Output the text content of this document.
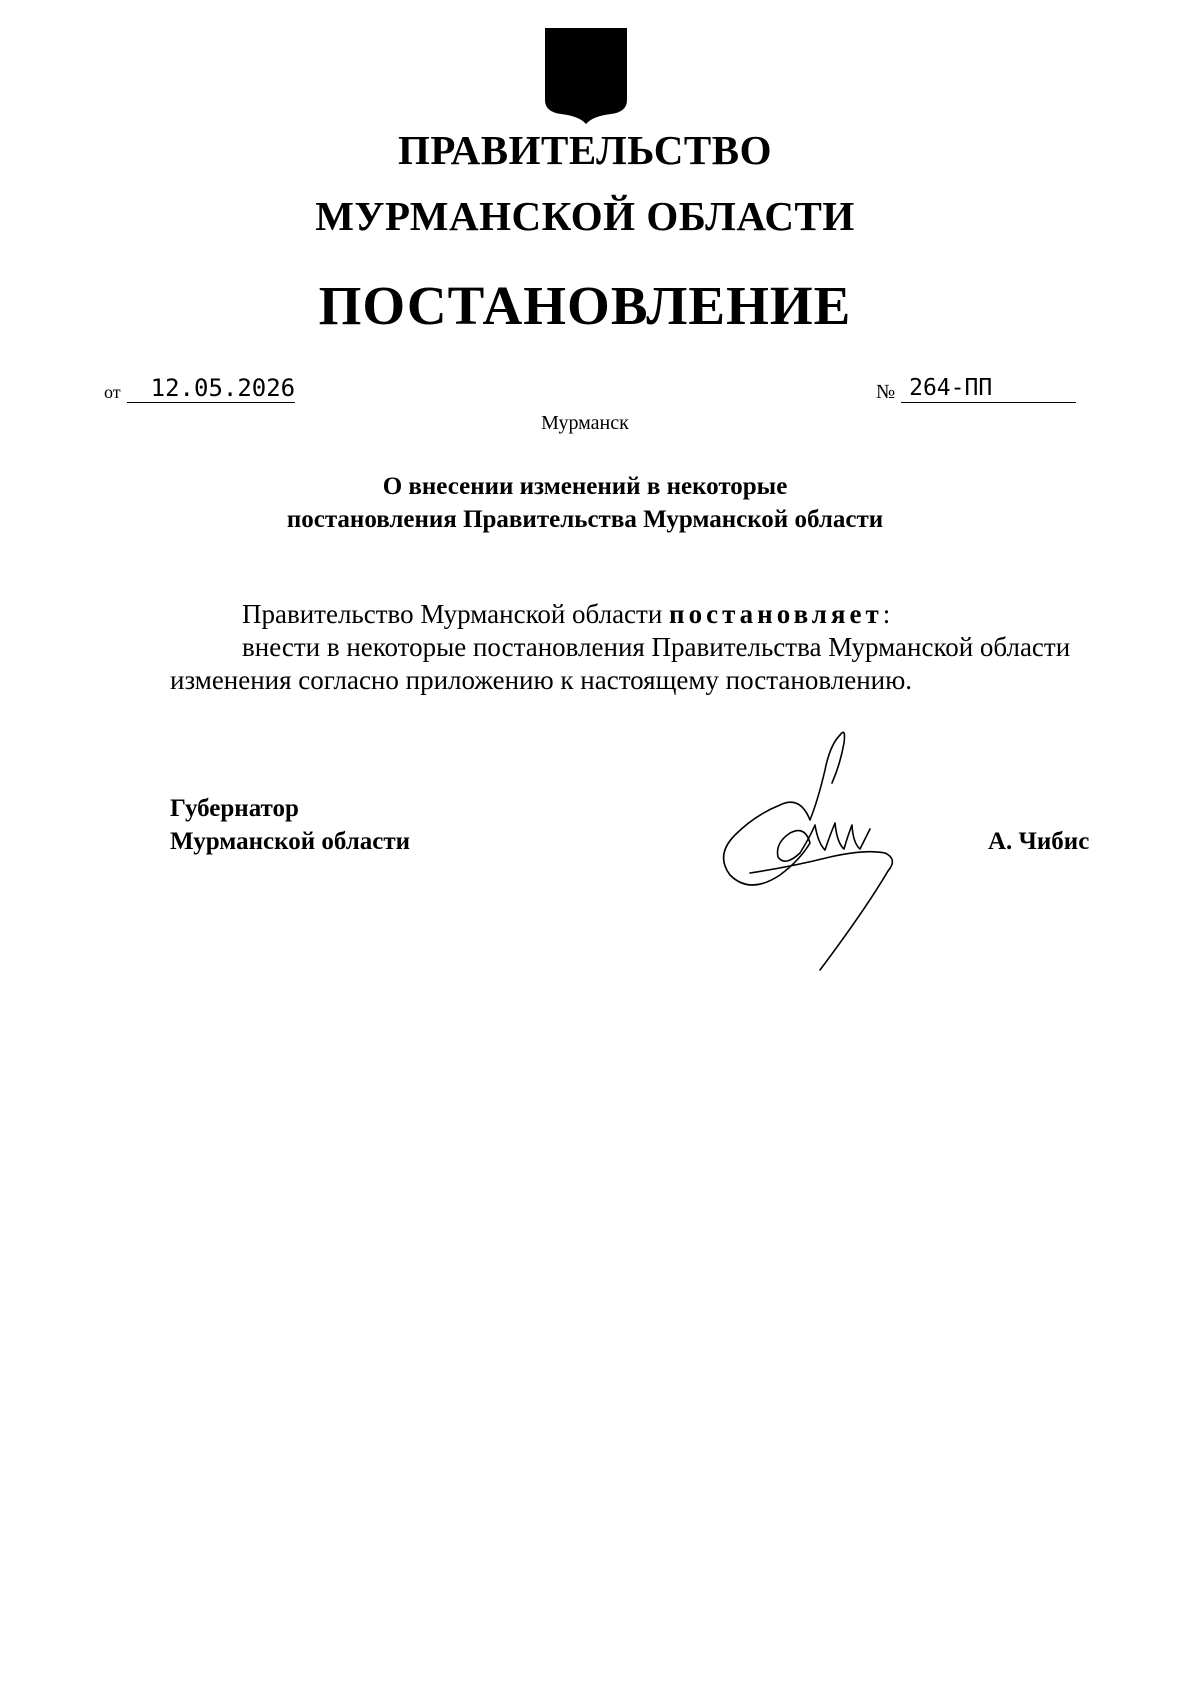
ПРАВИТЕЛЬСТВО
МУРМАНСКОЙ ОБЛАСТИ
ПОСТАНОВЛЕНИЕ
от	12.05.2026	№ 264-ПП
Мурманск
О внесении изменений в некоторые
постановления Правительства Мурманской области
Правительство Мурманской области постановляет:
внести в некоторые постановления Правительства Мурманской области
изменения согласно приложению к настоящему постановлению.
Губернатор
Мурманской области	А. Чибис
